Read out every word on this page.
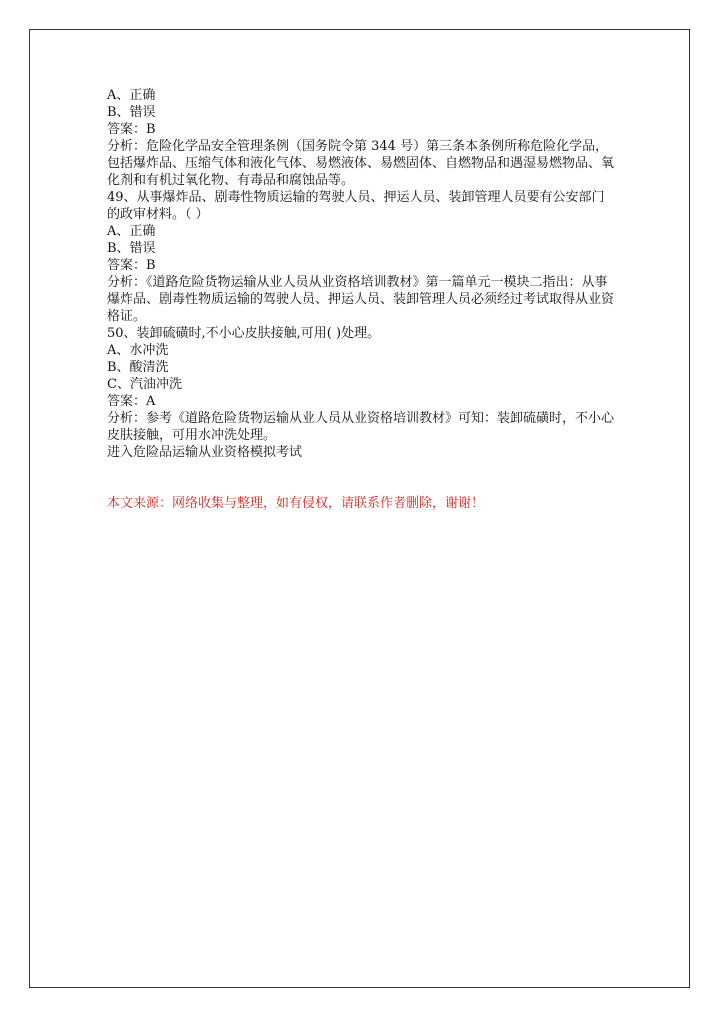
A、正确

B、错误

答案：B

分析：危险化学品安全管理条例（国务院令第 344 号）第三条本条例所称危险化学品，包括爆炸品、压缩气体和液化气体、易燃液体、易燃固体、自燃物品和遇湿易燃物品、氧化剂和有机过氧化物、有毒品和腐蚀品等。

49、从事爆炸品、剧毒性物质运输的驾驶人员、押运人员、装卸管理人员要有公安部门的政审材料。（ ）

A、正确

B、错误

答案：B

分析：《道路危险货物运输从业人员从业资格培训教材》第一篇单元一模块二指出：从事爆炸品、剧毒性物质运输的驾驶人员、押运人员、装卸管理人员必须经过考试取得从业资格证。

50、装卸硫磺时,不小心皮肤接触,可用( )处理。

A、水冲洗

B、酸清洗

C、汽油冲洗

答案：A

分析：参考《道路危险货物运输从业人员从业资格培训教材》可知：装卸硫磺时，不小心皮肤接触，可用水冲洗处理。

进入危险品运输从业资格模拟考试

本文来源：网络收集与整理，如有侵权，请联系作者删除，谢谢！
